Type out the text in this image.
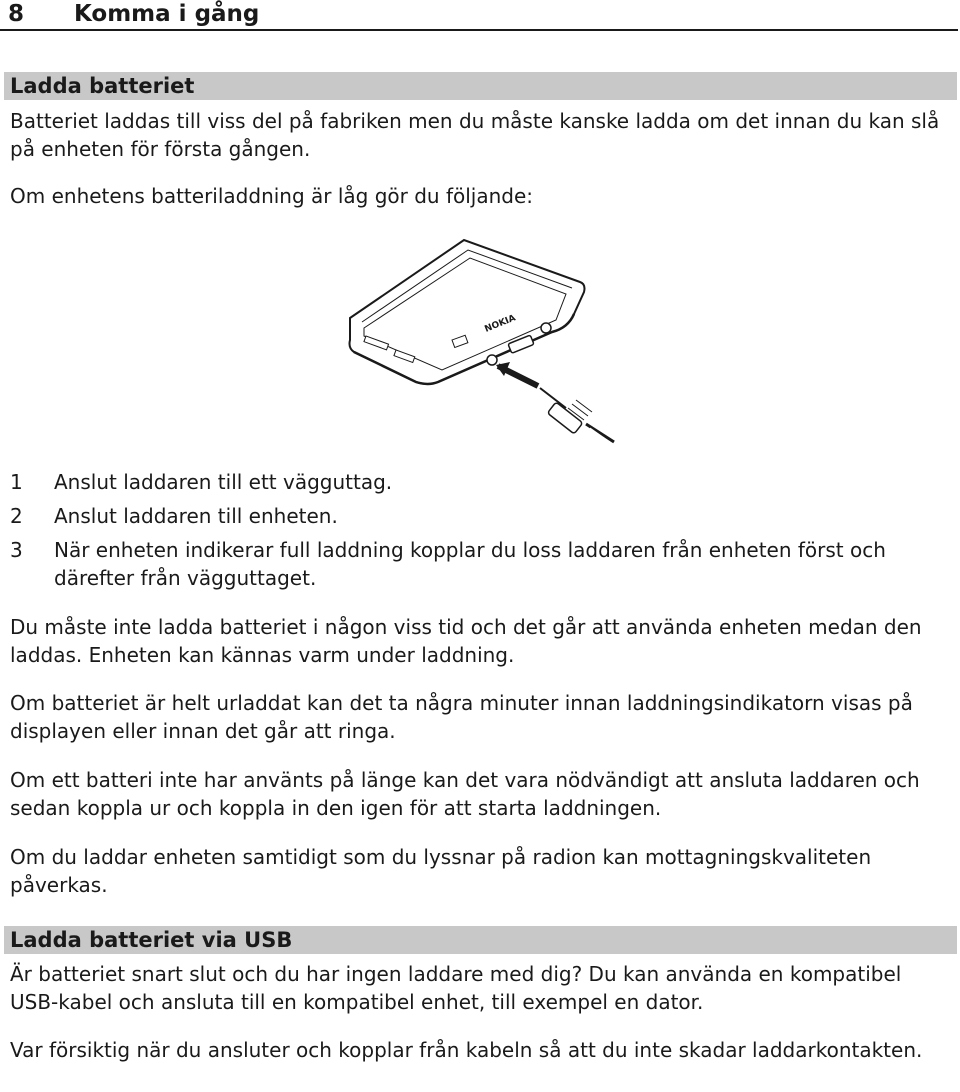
8 Komma i gång
Ladda batteriet

Batteriet laddas till viss del på fabriken men du måste kanske ladda om det innan du kan slå på enheten för första gången.

Om enhetens batteriladdning är låg gör du följande:

NOKIA
1	Anslut laddaren till ett vägguttag.
2	Anslut laddaren till enheten.
3	När enheten indikerar full laddning kopplar du loss laddaren från enheten först och därefter från vägguttaget.

Du måste inte ladda batteriet i någon viss tid och det går att använda enheten medan den laddas. Enheten kan kännas varm under laddning.

Om batteriet är helt urladdat kan det ta några minuter innan laddningsindikatorn visas på displayen eller innan det går att ringa.

Om ett batteri inte har använts på länge kan det vara nödvändigt att ansluta laddaren och sedan koppla ur och koppla in den igen för att starta laddningen.

Om du laddar enheten samtidigt som du lyssnar på radion kan mottagningskvaliteten påverkas.

Ladda batteriet via USB

Är batteriet snart slut och du har ingen laddare med dig? Du kan använda en kompatibel USB-kabel och ansluta till en kompatibel enhet, till exempel en dator.

Var försiktig när du ansluter och kopplar från kabeln så att du inte skadar laddarkontakten.
